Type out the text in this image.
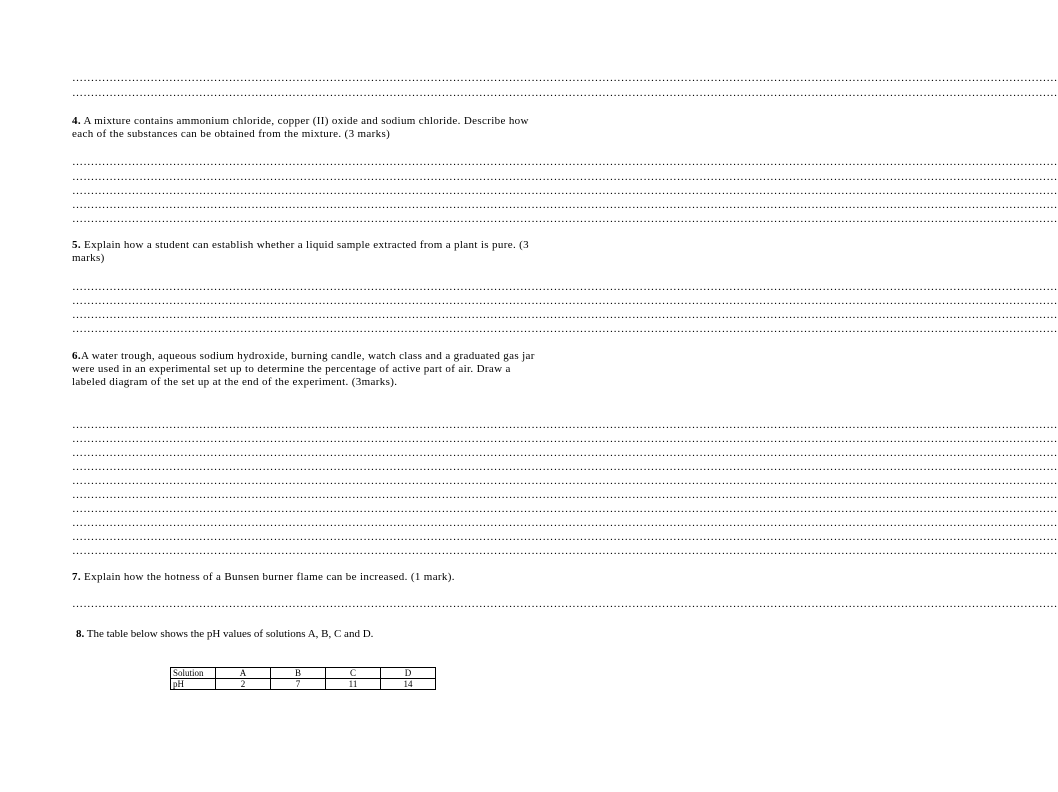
…………………………………………………………………………………………………………………………………………………………………………………………………………………………………………
…………………………………………………………………………………………………………………………………………………………………………………………………………………………………………
4. A mixture contains ammonium chloride, copper (II) oxide and sodium chloride. Describe how each of the substances can be obtained from the mixture. (3 marks)
…………………………………………………………………………………………………………………………………………………………………………………………………………………………………………
…………………………………………………………………………………………………………………………………………………………………………………………………………………………………………
…………………………………………………………………………………………………………………………………………………………………………………………………………………………………………
…………………………………………………………………………………………………………………………………………………………………………………………………………………………………………
…………………………………………………………………………………………………………………………………………………………………………………………………………………………………………
5. Explain how a student can establish whether a liquid sample extracted from a plant is pure. (3 marks)
…………………………………………………………………………………………………………………………………………………………………………………………………………………………………………
…………………………………………………………………………………………………………………………………………………………………………………………………………………………………………
…………………………………………………………………………………………………………………………………………………………………………………………………………………………………………
…………………………………………………………………………………………………………………………………………………………………………………………………………………………………………
6.A water trough, aqueous sodium hydroxide, burning candle, watch class and a graduated gas jar were used in an experimental set up to determine the percentage of active part of air. Draw a labeled diagram of the set up at the end of the experiment. (3marks).
…………………………………………………………………………………………………………………………………………………………………………………………………………………………………………
…………………………………………………………………………………………………………………………………………………………………………………………………………………………………………
…………………………………………………………………………………………………………………………………………………………………………………………………………………………………………
…………………………………………………………………………………………………………………………………………………………………………………………………………………………………………
…………………………………………………………………………………………………………………………………………………………………………………………………………………………………………
…………………………………………………………………………………………………………………………………………………………………………………………………………………………………………
…………………………………………………………………………………………………………………………………………………………………………………………………………………………………………
…………………………………………………………………………………………………………………………………………………………………………………………………………………………………………
…………………………………………………………………………………………………………………………………………………………………………………………………………………………………………
…………………………………………………………………………………………………………………………………………………………………………………………………………………………………………
7. Explain how the hotness of a Bunsen burner flame can be increased. (1 mark).
…………………………………………………………………………………………………………………………………………………………………………………………………………………………………………
8. The table below shows the pH values of solutions A, B, C and D.
Solution	A	B	C	D
pH	2	7	11	14
